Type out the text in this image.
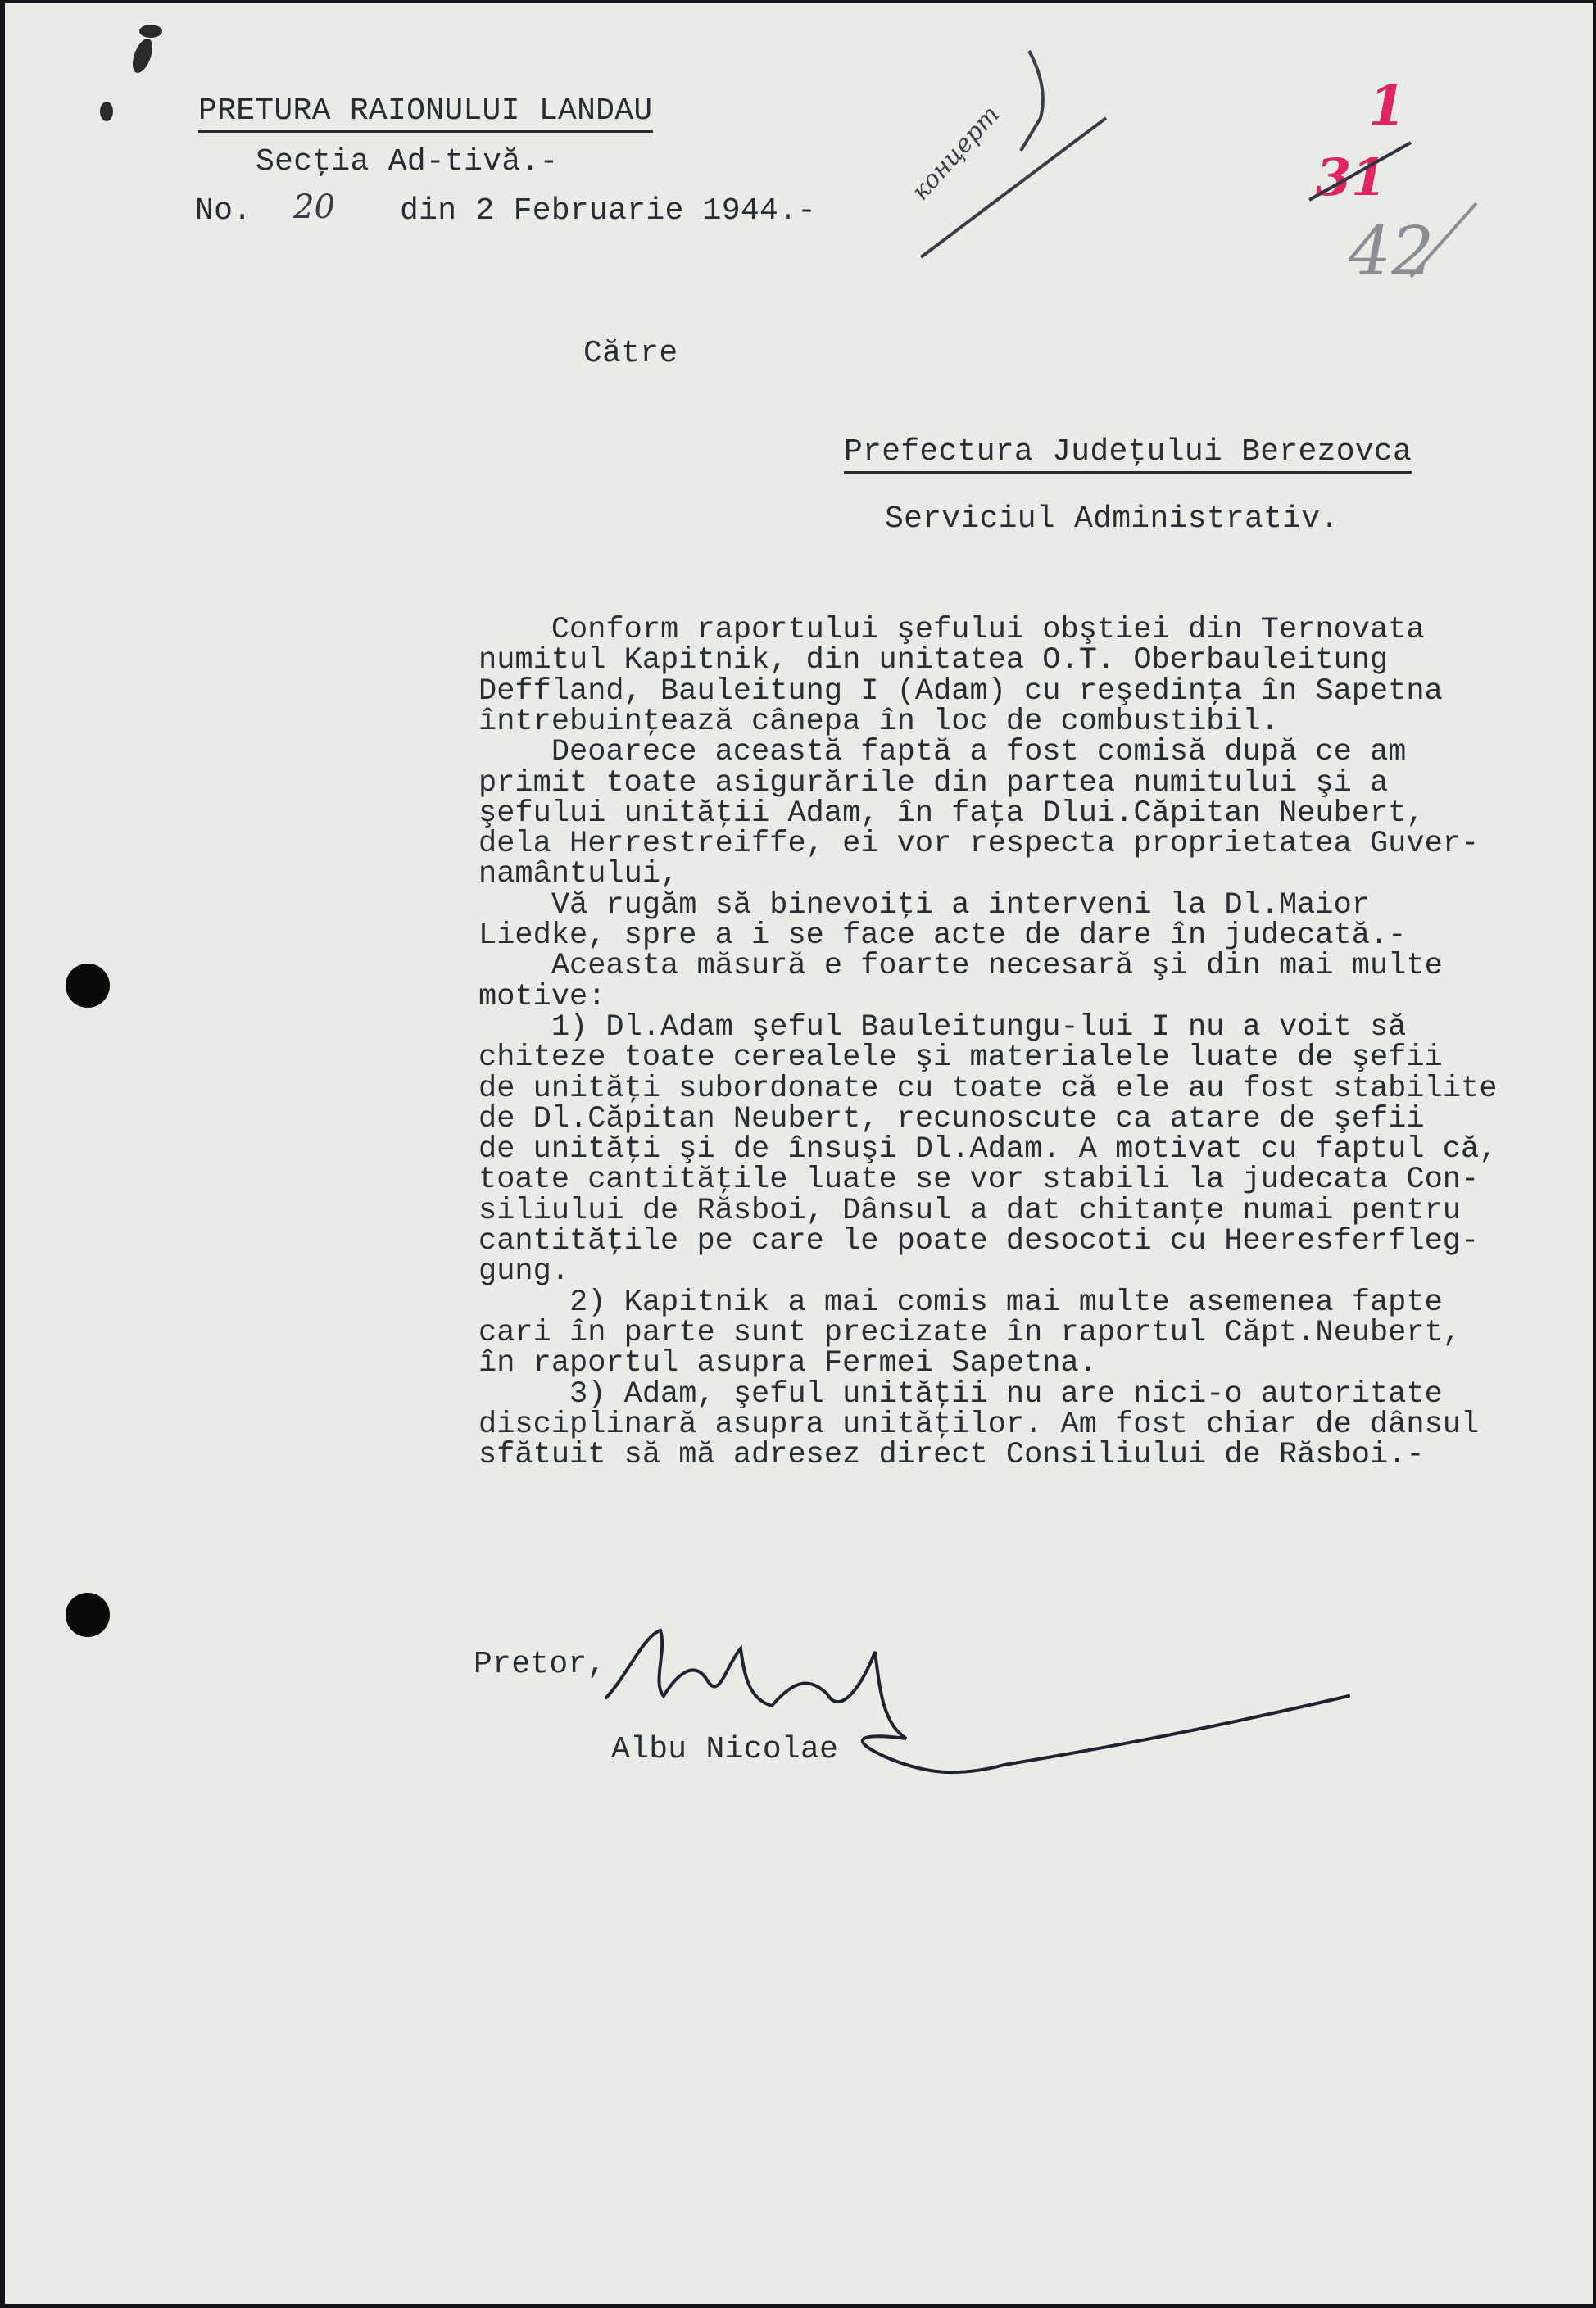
PRETURA RAIONULUI LANDAU
Secţia Ad-tivă.-
No. 20 din 2 Februarie 1944.-
концерт	1
31
42
Către
Prefectura Judeţului Berezovca
Serviciul Administrativ.
Conform raportului şefului obştiei din Ternovata
numitul Kapitnik, din unitatea O.T. Oberbauleitung
Deffland, Bauleitung I (Adam) cu reşedinţa în Sapetna
întrebuinţează cânepa în loc de combustibil.
Deoarece această faptă a fost comisă după ce am
primit toate asigurările din partea numitului şi a
şefului unităţii Adam, în faţa Dlui.Căpitan Neubert,
dela Herrestreiffe, ei vor respecta proprietatea Guver-
namântului,
Vă rugăm să binevoiţi a interveni la Dl.Maior
Liedke, spre a i se face acte de dare în judecată.-
Aceasta măsură e foarte necesară şi din mai multe
motive:
1) Dl.Adam şeful Bauleitungu-lui I nu a voit să
chiteze toate cerealele şi materialele luate de şefii
de unităţi subordonate cu toate că ele au fost stabilite
de Dl.Căpitan Neubert, recunoscute ca atare de şefii
de unităţi şi de însuşi Dl.Adam. A motivat cu faptul că,
toate cantităţile luate se vor stabili la judecata Con-
siliului de Răsboi, Dânsul a dat chitanţe numai pentru
cantităţile pe care le poate desocoti cu Heeresferfleg-
gung.
2) Kapitnik a mai comis mai multe asemenea fapte
cari în parte sunt precizate în raportul Căpt.Neubert,
în raportul asupra Fermei Sapetna.
3) Adam, şeful unităţii nu are nici-o autoritate
disciplinară asupra unităţilor. Am fost chiar de dânsul
sfătuit să mă adresez direct Consiliului de Răsboi.-
Pretor,
Albu Nicolae
